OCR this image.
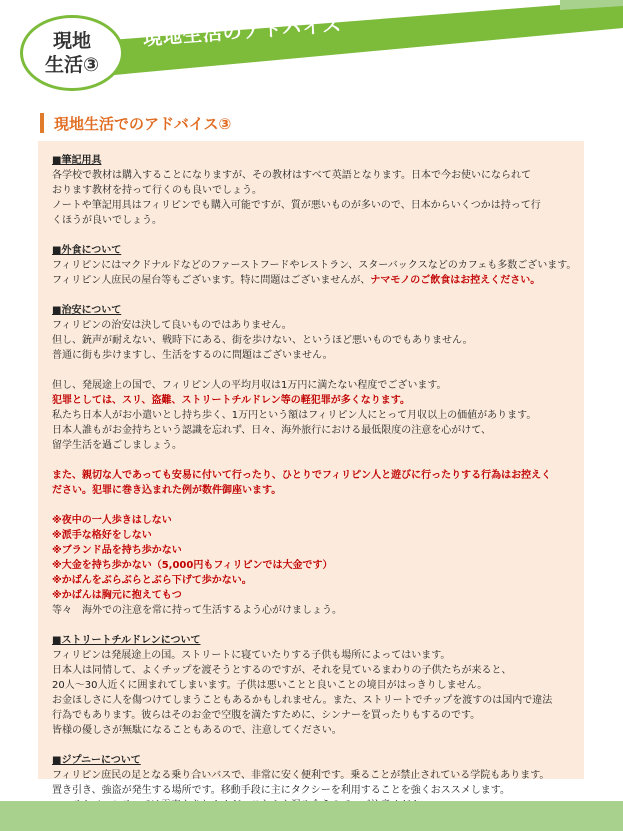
現地
生活③
現地生活のアドバイス
現地生活でのアドバイス③
■筆記用具
各学校で教材は購入することになりますが、その教材はすべて英語となります。日本で今お使いになられて
おります教材を持って行くのも良いでしょう。
ノートや筆記用具はフィリピンでも購入可能ですが、質が悪いものが多いので、日本からいくつかは持って行
くほうが良いでしょう。
■外食について
フィリピンにはマクドナルドなどのファーストフードやレストラン、スターバックスなどのカフェも多数ございます。
フィリピン人庶民の屋台等もございます。特に問題はございませんが、ナマモノのご飲食はお控えください。
■治安について
フィリピンの治安は決して良いものではありません。
但し、銃声が耐えない、戦時下にある、街を歩けない、というほど悪いものでもありません。
普通に街も歩けますし、生活をするのに問題はございません。
但し、発展途上の国で、フィリピン人の平均月収は1万円に満たない程度でございます。
犯罪としては、スリ、盗難、ストリートチルドレン等の軽犯罪が多くなります。
私たち日本人がお小遣いとし持ち歩く、1万円という額はフィリピン人にとって月収以上の価値があります。
日本人誰もがお金持ちという認識を忘れず、日々、海外旅行における最低限度の注意を心がけて、
留学生活を過ごしましょう。
また、親切な人であっても安易に付いて行ったり、ひとりでフィリピン人と遊びに行ったりする行為はお控えく
ださい。犯罪に巻き込まれた例が数件御座います。
※夜中の一人歩きはしない
※派手な格好をしない
※ブランド品を持ち歩かない
※大金を持ち歩かない（5,000円もフィリピンでは大金です）
※かばんをぶらぶらとぶら下げて歩かない。
※かばんは胸元に抱えてもつ
等々　海外での注意を常に持って生活するよう心がけましょう。
■ストリートチルドレンについて
フィリピンは発展途上の国。ストリートに寝ていたりする子供も場所によってはいます。
日本人は同情して、よくチップを渡そうとするのですが、それを見ているまわりの子供たちが来ると、
20人～30人近くに囲まれてしまいます。子供は悪いことと良いことの境目がはっきりしません。
お金ほしさに人を傷つけてしまうこともあるかもしれません。また、ストリートでチップを渡すのは国内で違法
行為でもあります。彼らはそのお金で空腹を満たすために、シンナーを買ったりもするのです。
皆様の優しさが無駄になることもあるので、注意してください。
■ジプニーについて
フィリピン庶民の足となる乗り合いバスで、非常に安く便利です。乗ることが禁止されている学院もあります。
置き引き、強盗が発生する場所です。移動手段に主にタクシーを利用することを強くおススメします。
